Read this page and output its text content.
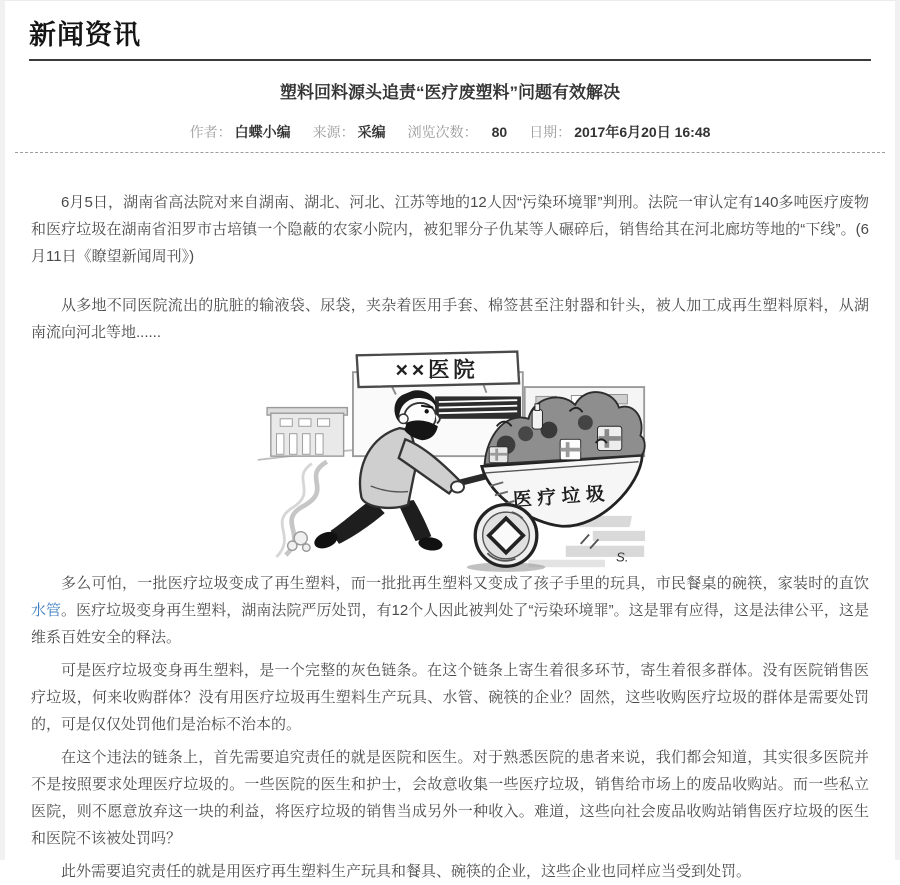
新闻资讯
塑料回料源头追责“医疗废塑料”问题有效解决
作者： 白蝶小编 来源： 采编 浏览次数： 80 日期： 2017年6月20日 16:48

6月5日，湖南省高法院对来自湖南、湖北、河北、江苏等地的12人因“污染环境罪”判刑。法院一审认定有140多吨医疗废物和医疗垃圾在湖南省汨罗市古培镇一个隐蔽的农家小院内，被犯罪分子仇某等人碾碎后，销售给其在河北廊坊等地的“下线”。(6月11日《瞭望新闻周刊》)

从多地不同医院流出的肮脏的输液袋、尿袋，夹杂着医用手套、棉签甚至注射器和针头，被人加工成再生塑料原料，从湖南流向河北等地......

××医院
医疗垃圾
S.

多么可怕，一批医疗垃圾变成了再生塑料，而一批批再生塑料又变成了孩子手里的玩具，市民餐桌的碗筷，家装时的直饮水管。医疗垃圾变身再生塑料，湖南法院严厉处罚，有12个人因此被判处了“污染环境罪”。这是罪有应得，这是法律公平，这是维系百姓安全的释法。

可是医疗垃圾变身再生塑料，是一个完整的灰色链条。在这个链条上寄生着很多环节，寄生着很多群体。没有医院销售医疗垃圾，何来收购群体？没有用医疗垃圾再生塑料生产玩具、水管、碗筷的企业？固然，这些收购医疗垃圾的群体是需要处罚的，可是仅仅处罚他们是治标不治本的。

在这个违法的链条上，首先需要追究责任的就是医院和医生。对于熟悉医院的患者来说，我们都会知道，其实很多医院并不是按照要求处理医疗垃圾的。一些医院的医生和护士，会故意收集一些医疗垃圾，销售给市场上的废品收购站。而一些私立医院，则不愿意放弃这一块的利益，将医疗垃圾的销售当成另外一种收入。难道，这些向社会废品收购站销售医疗垃圾的医生和医院不该被处罚吗？

此外需要追究责任的就是用医疗再生塑料生产玩具和餐具、碗筷的企业，这些企业也同样应当受到处罚。
